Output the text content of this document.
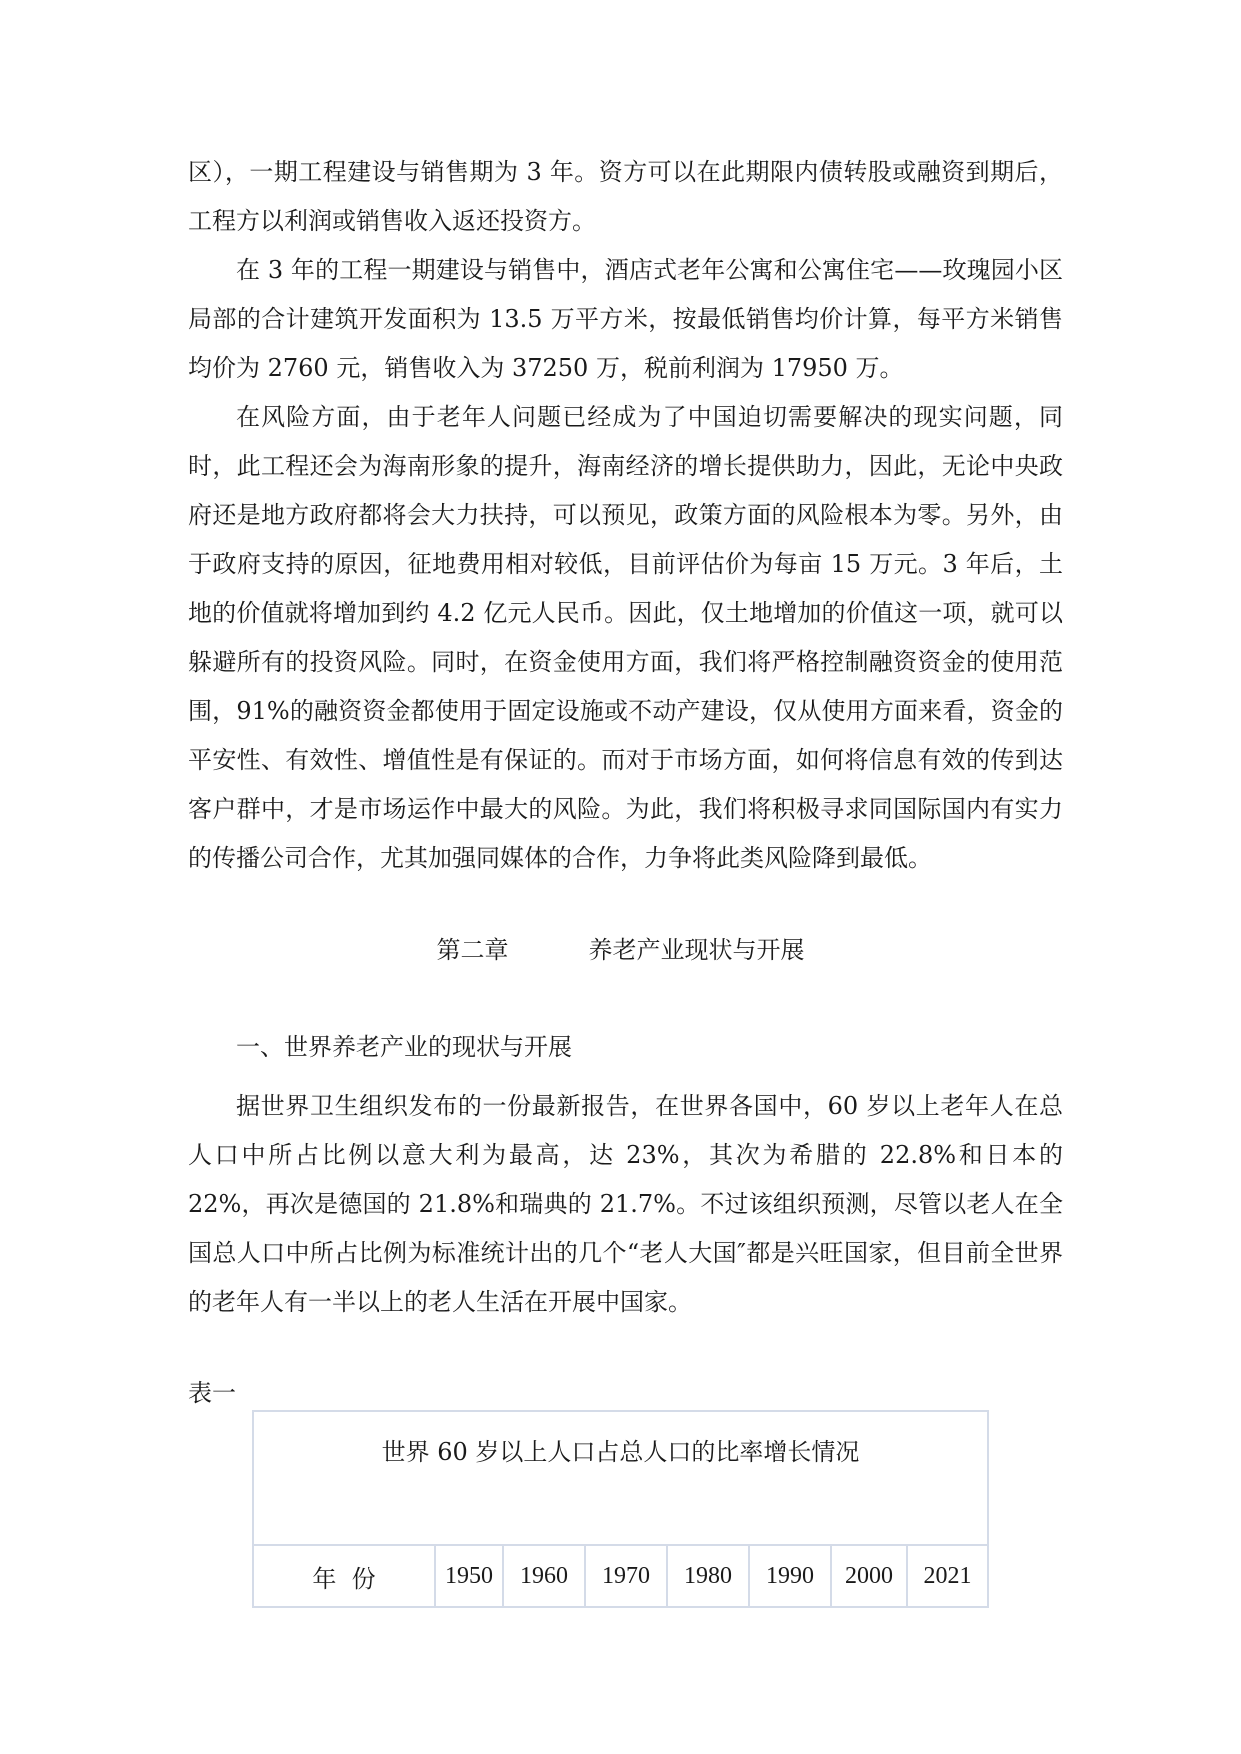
区），一期工程建设与销售期为 3 年。资方可以在此期限内债转股或融资到期后，工程方以利润或销售收入返还投资方。

在 3 年的工程一期建设与销售中，酒店式老年公寓和公寓住宅——玫瑰园小区局部的合计建筑开发面积为 13.5 万平方米，按最低销售均价计算，每平方米销售均价为 2760 元，销售收入为 37250 万，税前利润为 17950 万。

在风险方面，由于老年人问题已经成为了中国迫切需要解决的现实问题，同时，此工程还会为海南形象的提升，海南经济的增长提供助力，因此，无论中央政府还是地方政府都将会大力扶持，可以预见，政策方面的风险根本为零。另外，由于政府支持的原因，征地费用相对较低，目前评估价为每亩 15 万元。3 年后，土地的价值就将增加到约 4.2 亿元人民币。因此，仅土地增加的价值这一项，就可以躲避所有的投资风险。同时，在资金使用方面，我们将严格控制融资资金的使用范围，91%的融资资金都使用于固定设施或不动产建设，仅从使用方面来看，资金的平安性、有效性、增值性是有保证的。而对于市场方面，如何将信息有效的传到达客户群中，才是市场运作中最大的风险。为此，我们将积极寻求同国际国内有实力的传播公司合作，尤其加强同媒体的合作，力争将此类风险降到最低。

第二章	养老产业现状与开展
一、世界养老产业的现状与开展

据世界卫生组织发布的一份最新报告，在世界各国中，60 岁以上老年人在总人口中所占比例以意大利为最高，达 23%，其次为希腊的 22.8%和日本的 22%，再次是德国的 21.8%和瑞典的 21.7%。不过该组织预测，尽管以老人在全国总人口中所占比例为标准统计出的几个“老人大国″都是兴旺国家，但目前全世界的老年人有一半以上的老人生活在开展中国家。

表一
世界 60 岁以上人口占总人口的比率增长情况
年  份	1950	1960	1970	1980	1990	2000	2021
